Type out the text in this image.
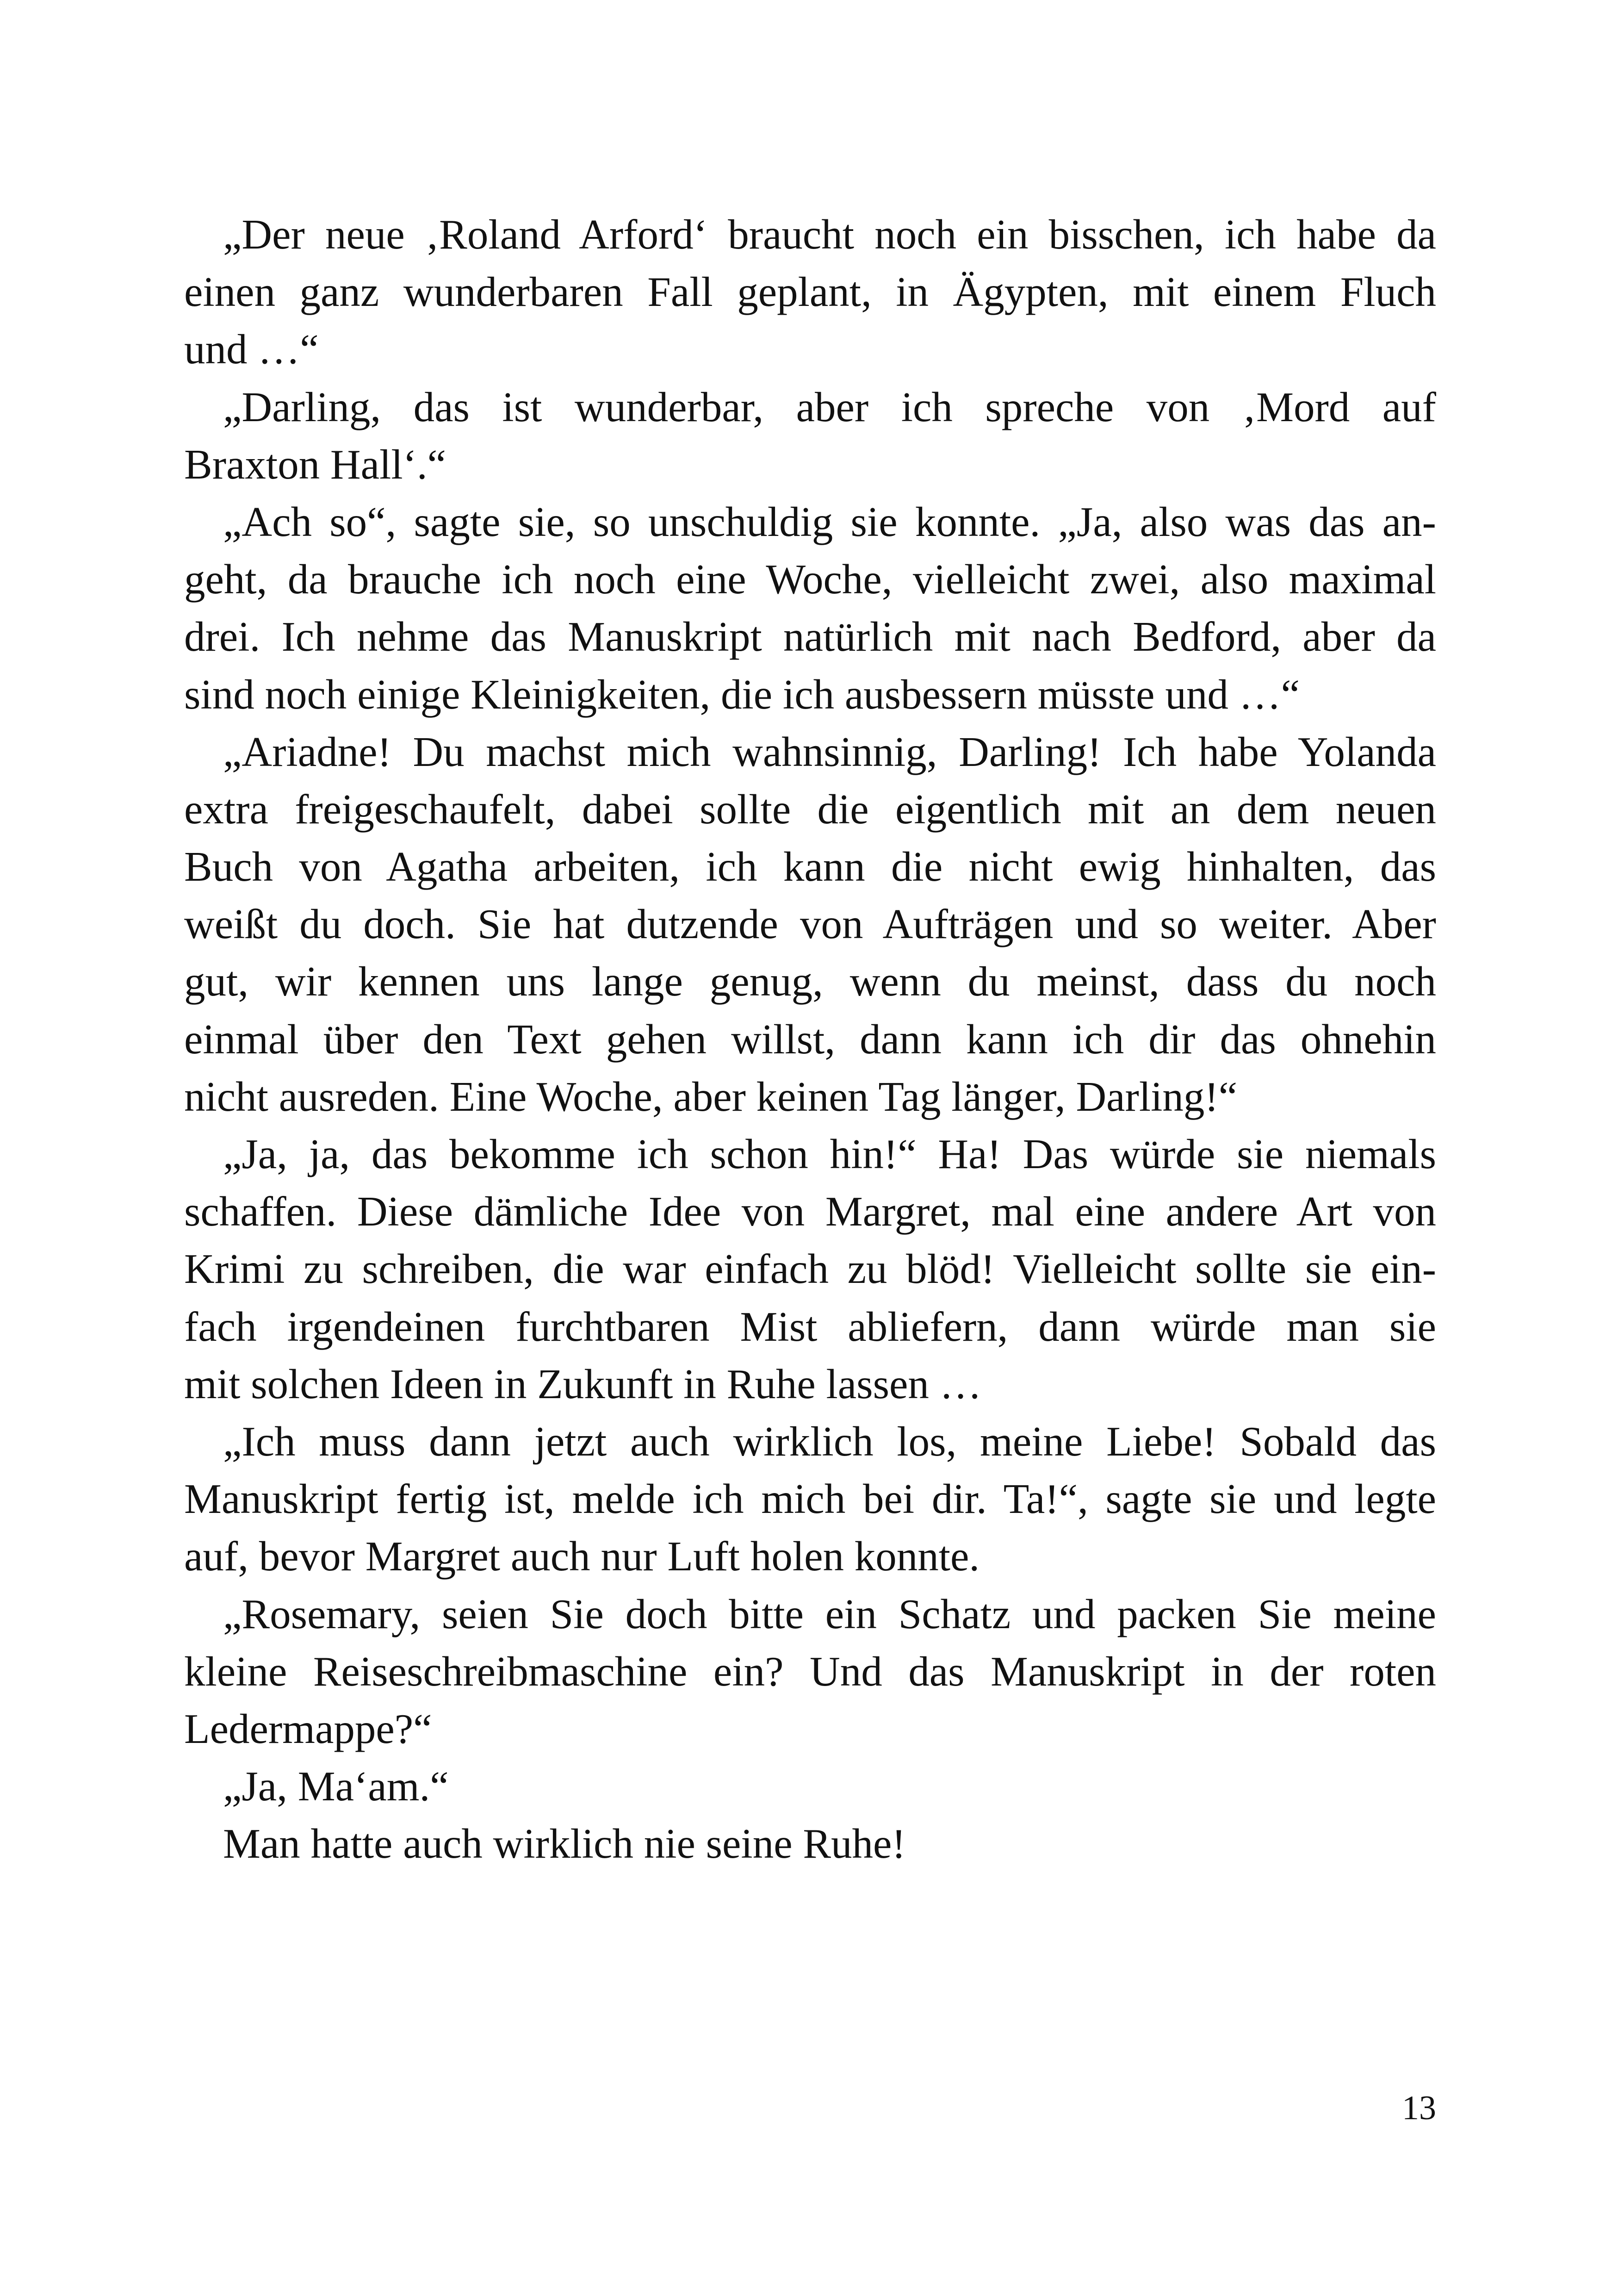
„Der neue ‚Roland Arford‘ braucht noch ein bisschen, ich habe da
einen ganz wunderbaren Fall geplant, in Ägypten, mit einem Fluch
und …“
„Darling, das ist wunderbar, aber ich spreche von ‚Mord auf
Braxton Hall‘.“
„Ach so“, sagte sie, so unschuldig sie konnte. „Ja, also was das an-
geht, da brauche ich noch eine Woche, vielleicht zwei, also maximal
drei. Ich nehme das Manuskript natürlich mit nach Bedford, aber da
sind noch einige Kleinigkeiten, die ich ausbessern müsste und …“
„Ariadne! Du machst mich wahnsinnig, Darling! Ich habe Yolanda
extra freigeschaufelt, dabei sollte die eigentlich mit an dem neuen
Buch von Agatha arbeiten, ich kann die nicht ewig hinhalten, das
weißt du doch. Sie hat dutzende von Aufträgen und so weiter. Aber
gut, wir kennen uns lange genug, wenn du meinst, dass du noch
einmal über den Text gehen willst, dann kann ich dir das ohnehin
nicht ausreden. Eine Woche, aber keinen Tag länger, Darling!“
„Ja, ja, das bekomme ich schon hin!“ Ha! Das würde sie niemals
schaffen. Diese dämliche Idee von Margret, mal eine andere Art von
Krimi zu schreiben, die war einfach zu blöd! Vielleicht sollte sie ein-
fach irgendeinen furchtbaren Mist abliefern, dann würde man sie
mit solchen Ideen in Zukunft in Ruhe lassen …
„Ich muss dann jetzt auch wirklich los, meine Liebe! Sobald das
Manuskript fertig ist, melde ich mich bei dir. Ta!“, sagte sie und legte
auf, bevor Margret auch nur Luft holen konnte.
„Rosemary, seien Sie doch bitte ein Schatz und packen Sie meine
kleine Reiseschreibmaschine ein? Und das Manuskript in der roten
Ledermappe?“
„Ja, Ma‘am.“
Man hatte auch wirklich nie seine Ruhe!
13
